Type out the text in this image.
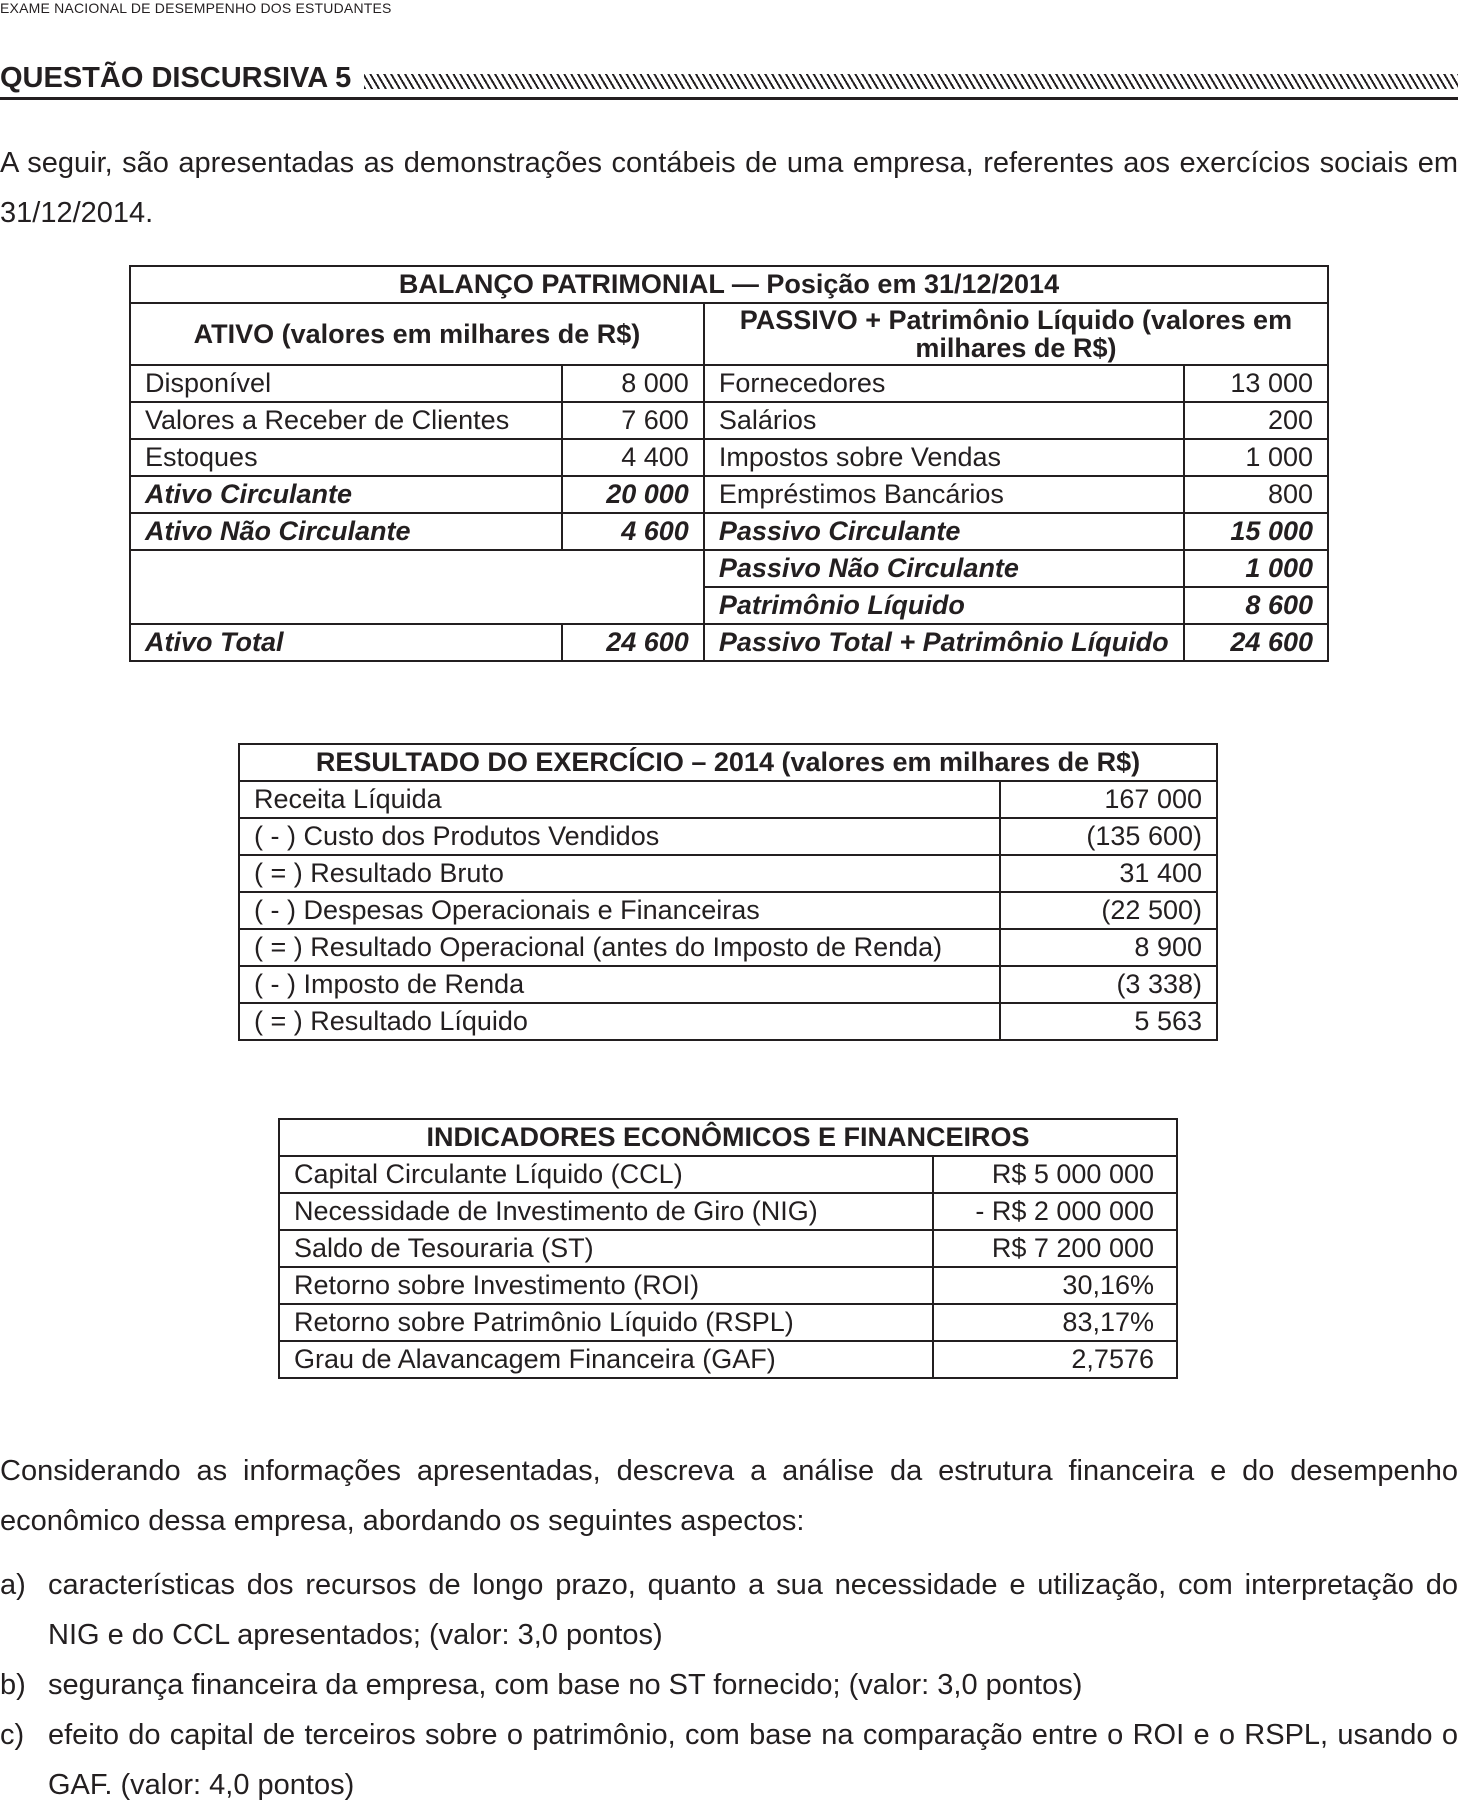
EXAME NACIONAL DE DESEMPENHO DOS ESTUDANTES
QUESTÃO DISCURSIVA 5
A seguir, são apresentadas as demonstrações contábeis de uma empresa, referentes aos exercícios sociais em 31/12/2014.
BALANÇO PATRIMONIAL — Posição em 31/12/2014			
ATIVO (valores em milhares de R$)		PASSIVO + Patrimônio Líquido (valores em milhares de R$)	
Disponível	8 000	Fornecedores	13 000
Valores a Receber de Clientes	7 600	Salários	200
Estoques	4 400	Impostos sobre Vendas	1 000
Ativo Circulante	20 000	Empréstimos Bancários	800
Ativo Não Circulante	4 600	Passivo Circulante	15 000
		Passivo Não Circulante	1 000
		Patrimônio Líquido	8 600
Ativo Total	24 600	Passivo Total + Patrimônio Líquido	24 600
RESULTADO DO EXERCÍCIO – 2014 (valores em milhares de R$)	
Receita Líquida	167 000
( - ) Custo dos Produtos Vendidos	(135 600)
( = ) Resultado Bruto	31 400
( - ) Despesas Operacionais e Financeiras	(22 500)
( = ) Resultado Operacional (antes do Imposto de Renda)	8 900
( - ) Imposto de Renda	(3 338)
( = ) Resultado Líquido	5 563
INDICADORES ECONÔMICOS E FINANCEIROS	
Capital Circulante Líquido (CCL)	R$ 5 000 000
Necessidade de Investimento de Giro (NIG)	- R$ 2 000 000
Saldo de Tesouraria (ST)	R$ 7 200 000
Retorno sobre Investimento (ROI)	30,16%
Retorno sobre Patrimônio Líquido (RSPL)	83,17%
Grau de Alavancagem Financeira (GAF)	2,7576
Considerando as informações apresentadas, descreva a análise da estrutura financeira e do desempenho econômico dessa empresa, abordando os seguintes aspectos:
a) características dos recursos de longo prazo, quanto a sua necessidade e utilização, com interpretação do NIG e do CCL apresentados; (valor: 3,0 pontos)
b) segurança financeira da empresa, com base no ST fornecido; (valor: 3,0 pontos)
c) efeito do capital de terceiros sobre o patrimônio, com base na comparação entre o ROI e o RSPL, usando o GAF. (valor: 4,0 pontos)
